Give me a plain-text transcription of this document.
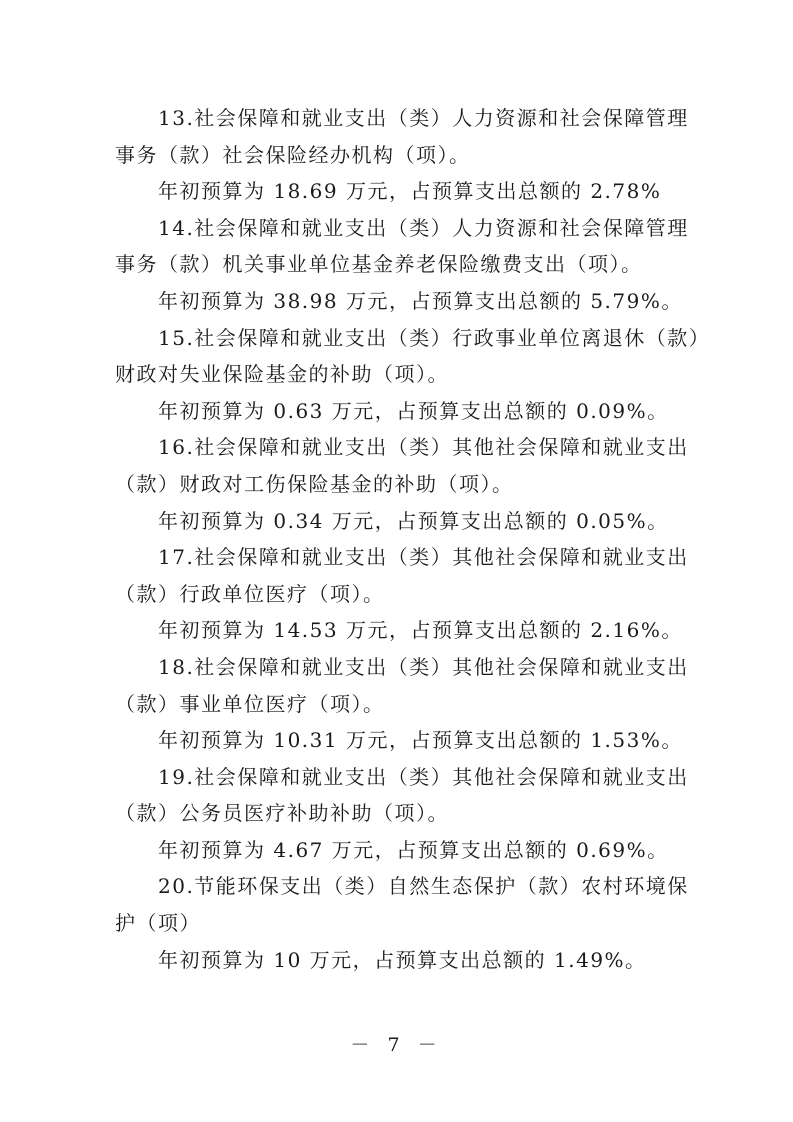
13.社会保障和就业支出（类）人力资源和社会保障管理
事务（款）社会保险经办机构（项）。
年初预算为 18.69 万元，占预算支出总额的 2.78%
14.社会保障和就业支出（类）人力资源和社会保障管理
事务（款）机关事业单位基金养老保险缴费支出（项）。
年初预算为 38.98 万元，占预算支出总额的 5.79%。
15.社会保障和就业支出（类）行政事业单位离退休（款）
财政对失业保险基金的补助（项）。
年初预算为 0.63 万元，占预算支出总额的 0.09%。
16.社会保障和就业支出（类）其他社会保障和就业支出
（款）财政对工伤保险基金的补助（项）。
年初预算为 0.34 万元，占预算支出总额的 0.05%。
17.社会保障和就业支出（类）其他社会保障和就业支出
（款）行政单位医疗（项）。
年初预算为 14.53 万元，占预算支出总额的 2.16%。
18.社会保障和就业支出（类）其他社会保障和就业支出
（款）事业单位医疗（项）。
年初预算为 10.31 万元，占预算支出总额的 1.53%。
19.社会保障和就业支出（类）其他社会保障和就业支出
（款）公务员医疗补助补助（项）。
年初预算为 4.67 万元，占预算支出总额的 0.69%。
20.节能环保支出（类）自然生态保护（款）农村环境保
护（项）
年初预算为 10 万元，占预算支出总额的 1.49%。
－ 7 －
